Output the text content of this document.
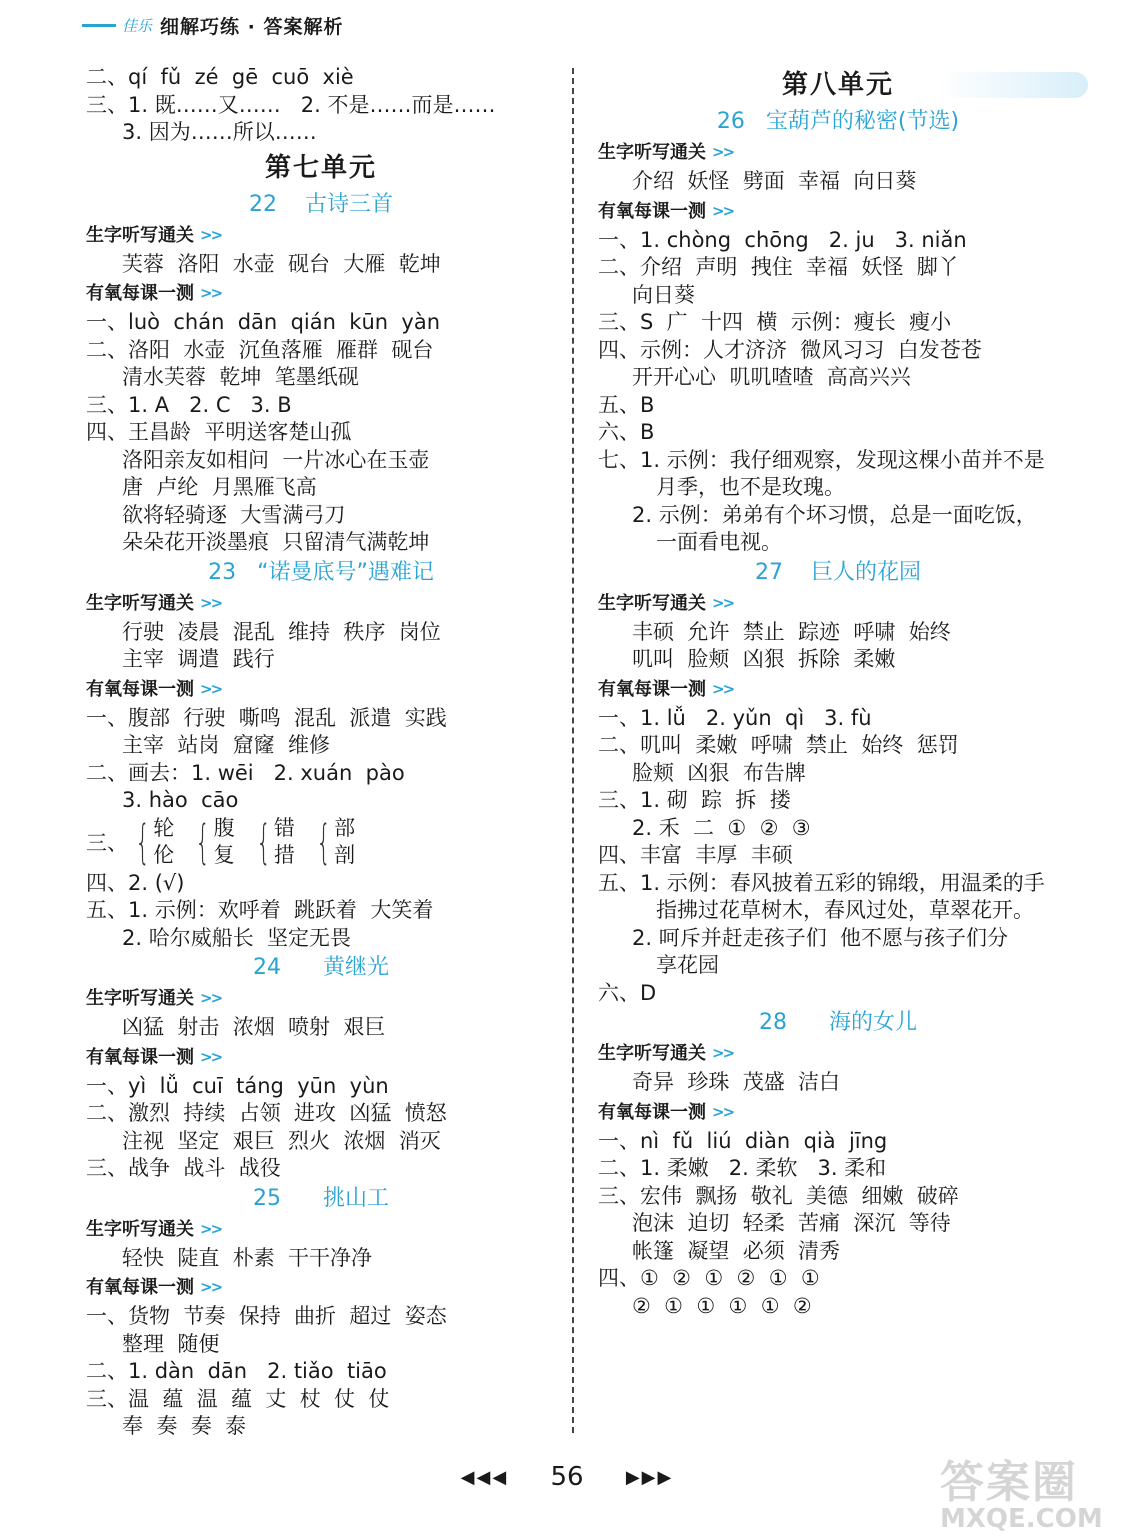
佳乐 细解巧练 · 答案解析
二、qí  fǔ  zé  gē  cuō  xiè
三、1. 既……又……   2. 不是……而是……
3. 因为……所以……
第七单元
22    古诗三首
生字听写通关 >>
芙蓉  洛阳  水壶  砚台  大雁  乾坤
有氧每课一测 >>
一、luò  chán  dān  qián  kūn  yàn
二、洛阳  水壶  沉鱼落雁  雁群  砚台
清水芙蓉  乾坤  笔墨纸砚
三、1. A   2. C   3. B
四、王昌龄  平明送客楚山孤
洛阳亲友如相问  一片冰心在玉壶
唐  卢纶  月黑雁飞高
欲将轻骑逐  大雪满弓刀
朵朵花开淡墨痕  只留清气满乾坤
23   “诺曼底号”遇难记
生字听写通关 >>
行驶  凌晨  混乱  维持  秩序  岗位
主宰  调遣  践行
有氧每课一测 >>
一、腹部  行驶  嘶鸣  混乱  派遣  实践
主宰  站岗  窟窿  维修
二、画去：1. wēi   2. xuán  pào
3. hào  cāo
三、 { 轮
伦 { 腹
复 { 错
措 { 部
剖
四、2. (√)
五、1. 示例：欢呼着  跳跃着  大笑着
2. 哈尔威船长  坚定无畏
24      黄继光
生字听写通关 >>
凶猛  射击  浓烟  喷射  艰巨
有氧每课一测 >>
一、yì  lǚ  cuī  táng  yūn  yùn
二、激烈  持续  占领  进攻  凶猛  愤怒
注视  坚定  艰巨  烈火  浓烟  消灭
三、战争  战斗  战役
25      挑山工
生字听写通关 >>
轻快  陡直  朴素  干干净净
有氧每课一测 >>
一、货物  节奏  保持  曲折  超过  姿态
整理  随便
二、1. dàn  dān   2. tiǎo  tiāo
三、温  蕴  温  蕴  丈  杖  仗  仗
奉  奏  奏  泰
第八单元
26   宝葫芦的秘密(节选)
生字听写通关 >>
介绍  妖怪  劈面  幸福  向日葵
有氧每课一测 >>
一、1. chòng  chōng   2. ju   3. niǎn
二、介绍  声明  拽住  幸福  妖怪  脚丫
向日葵
三、S  广  十四  横  示例：瘦长  瘦小
四、示例：人才济济  微风习习  白发苍苍
开开心心  叽叽喳喳  高高兴兴
五、B
六、B
七、1. 示例：我仔细观察，发现这棵小苗并不是
月季，也不是玫瑰。
2. 示例：弟弟有个坏习惯，总是一面吃饭，
一面看电视。
27    巨人的花园
生字听写通关 >>
丰硕  允许  禁止  踪迹  呼啸  始终
叽叫  脸颊  凶狠  拆除  柔嫩
有氧每课一测 >>
一、1. lǚ   2. yǔn  qì   3. fù
二、叽叫  柔嫩  呼啸  禁止  始终  惩罚
脸颊  凶狠  布告牌
三、1. 砌  踪  拆  搂
2. 禾  二  ①  ②  ③
四、丰富  丰厚  丰硕
五、1. 示例：春风披着五彩的锦缎，用温柔的手
指拂过花草树木，春风过处，草翠花开。
2. 呵斥并赶走孩子们  他不愿与孩子们分
享花园
六、D
28      海的女儿
生字听写通关 >>
奇异  珍珠  茂盛  洁白
有氧每课一测 >>
一、nì  fǔ  liú  diàn  qià  jīng
二、1. 柔嫩   2. 柔软   3. 柔和
三、宏伟  飘扬  敬礼  美德  细嫩  破碎
泡沫  迫切  轻柔  苦痛  深沉  等待
帐篷  凝望  必须  清秀
四、①  ②  ①  ②  ①  ①
②  ①  ①  ①  ①  ②
◀◀◀ 56 ▶▶▶	答案圈
MXQE.COM
